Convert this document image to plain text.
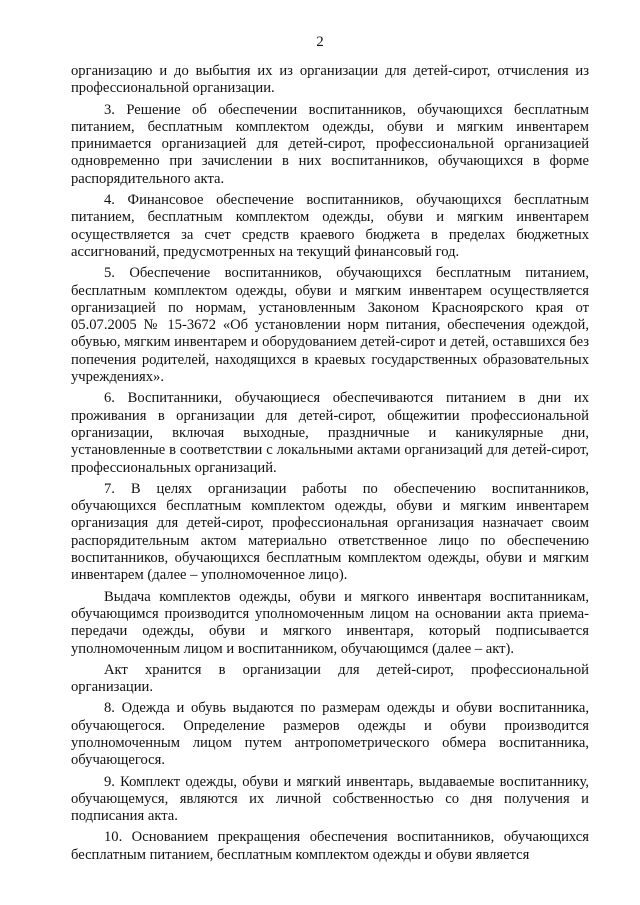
2

организацию и до выбытия их из организации для детей-сирот, отчисления из профессиональной организации.

3. Решение об обеспечении воспитанников, обучающихся бесплатным питанием, бесплатным комплектом одежды, обуви и мягким инвентарем принимается организацией для детей-сирот, профессиональной организацией одновременно при зачислении в них воспитанников, обучающихся в форме распорядительного акта.

4. Финансовое обеспечение воспитанников, обучающихся бесплатным питанием, бесплатным комплектом одежды, обуви и мягким инвентарем осуществляется за счет средств краевого бюджета в пределах бюджетных ассигнований, предусмотренных на текущий финансовый год.

5. Обеспечение воспитанников, обучающихся бесплатным питанием, бесплатным комплектом одежды, обуви и мягким инвентарем осуществляется организацией по нормам, установленным Законом Красноярского края от 05.07.2005 № 15-3672 «Об установлении норм питания, обеспечения одеждой, обувью, мягким инвентарем и оборудованием детей-сирот и детей, оставшихся без попечения родителей, находящихся в краевых государственных образовательных учреждениях».

6. Воспитанники, обучающиеся обеспечиваются питанием в дни их проживания в организации для детей-сирот, общежитии профессиональной организации, включая выходные, праздничные и каникулярные дни, установленные в соответствии с локальными актами организаций для детей-сирот, профессиональных организаций.

7. В целях организации работы по обеспечению воспитанников, обучающихся бесплатным комплектом одежды, обуви и мягким инвентарем организация для детей-сирот, профессиональная организация назначает своим распорядительным актом материально ответственное лицо по обеспечению воспитанников, обучающихся бесплатным комплектом одежды, обуви и мягким инвентарем (далее – уполномоченное лицо).

Выдача комплектов одежды, обуви и мягкого инвентаря воспитанникам, обучающимся производится уполномоченным лицом на основании акта приема-передачи одежды, обуви и мягкого инвентаря, который подписывается уполномоченным лицом и воспитанником, обучающимся (далее – акт).

Акт хранится в организации для детей-сирот, профессиональной организации.

8. Одежда и обувь выдаются по размерам одежды и обуви воспитанника, обучающегося. Определение размеров одежды и обуви производится уполномоченным лицом путем антропометрического обмера воспитанника, обучающегося.

9. Комплект одежды, обуви и мягкий инвентарь, выдаваемые воспитаннику, обучающемуся, являются их личной собственностью со дня получения и подписания акта.

10. Основанием прекращения обеспечения воспитанников, обучающихся бесплатным питанием, бесплатным комплектом одежды и обуви является
